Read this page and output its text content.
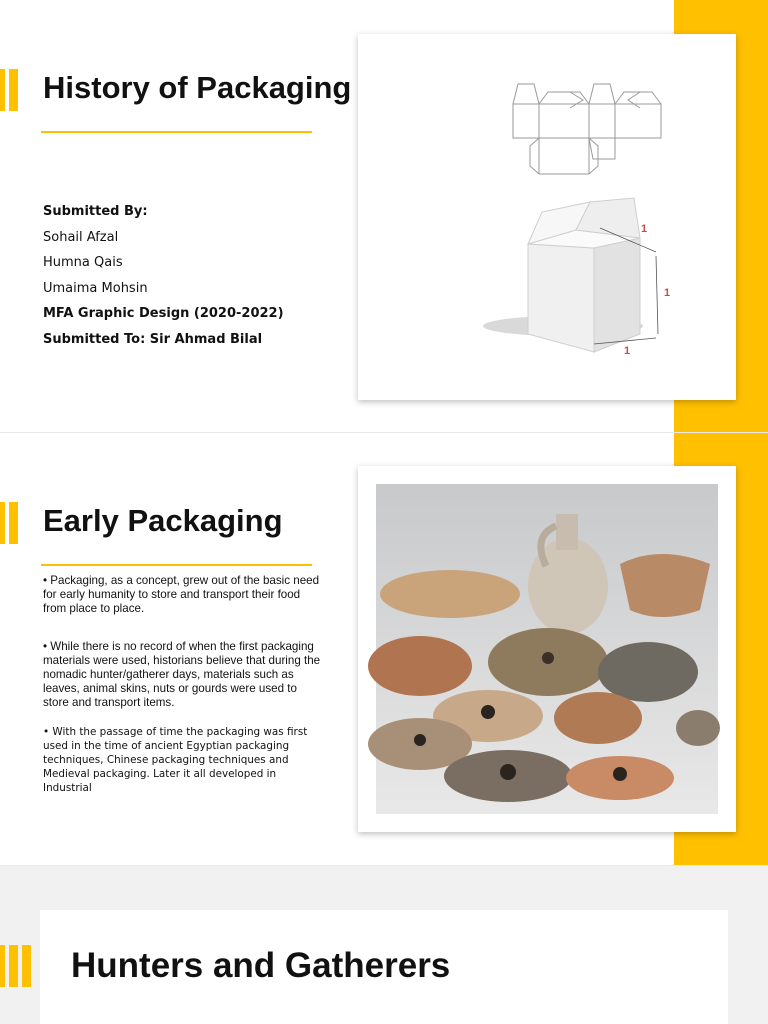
History of Packaging
Submitted By:
Sohail Afzal
Humna Qais
Umaima Mohsin
MFA Graphic Design (2020-2022)
Submitted To: Sir Ahmad Bilal
1
1
1
Early Packaging

• Packaging, as a concept, grew out of the basic need for early humanity to store and transport their food from place to place.

• While there is no record of when the first packaging materials were used, historians believe that during the nomadic hunter/gatherer days, materials such as leaves, animal skins, nuts or gourds were used to store and transport items.

• With the passage of time the packaging was first used in the time of ancient Egyptian packaging techniques, Chinese packaging techniques and Medieval packaging. Later it all developed in Industrial

Hunters and Gatherers
